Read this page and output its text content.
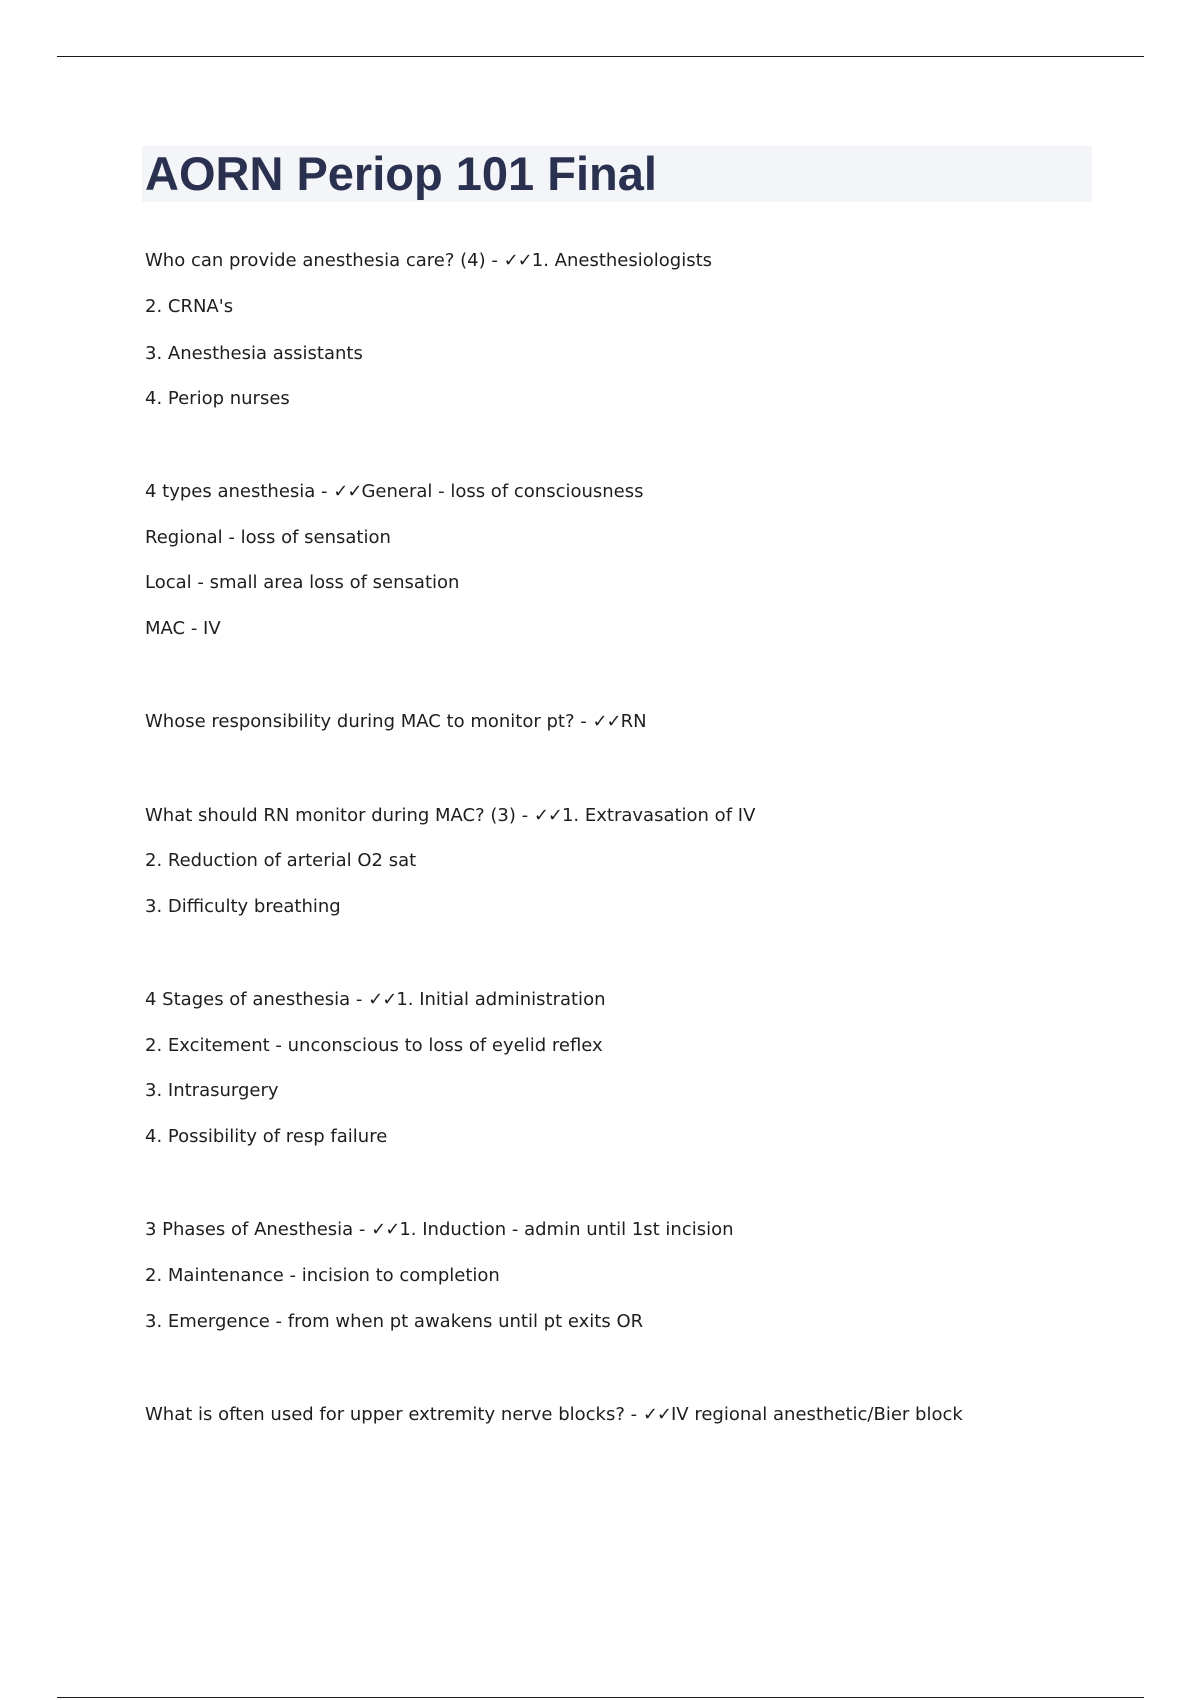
AORN Periop 101 Final
Who can provide anesthesia care? (4) - ✓✓1. Anesthesiologists
2. CRNA's
3. Anesthesia assistants
4. Periop nurses
4 types anesthesia - ✓✓General - loss of consciousness
Regional - loss of sensation
Local - small area loss of sensation
MAC - IV
Whose responsibility during MAC to monitor pt? - ✓✓RN
What should RN monitor during MAC? (3) - ✓✓1. Extravasation of IV
2. Reduction of arterial O2 sat
3. Difficulty breathing
4 Stages of anesthesia - ✓✓1. Initial administration
2. Excitement - unconscious to loss of eyelid reflex
3. Intrasurgery
4. Possibility of resp failure
3 Phases of Anesthesia - ✓✓1. Induction - admin until 1st incision
2. Maintenance - incision to completion
3. Emergence - from when pt awakens until pt exits OR
What is often used for upper extremity nerve blocks? - ✓✓IV regional anesthetic/Bier block
